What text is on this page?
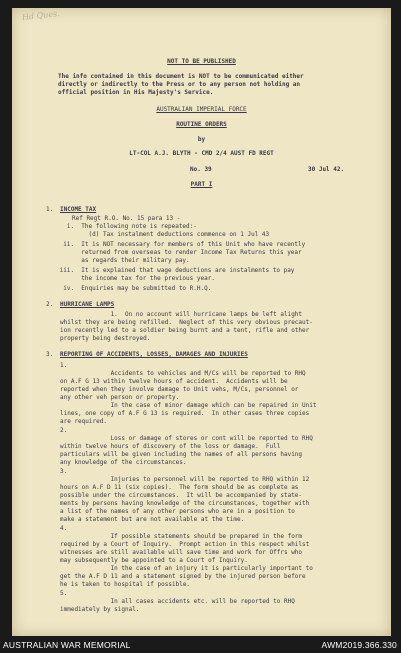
Hd Ques.
NOT TO BE PUBLISHED
The info contained in this document is NOT to be communicated either
directly or indirectly to the Press or to any person not holding an
official position in His Majesty's Service.
AUSTRALIAN IMPERIAL FORCE
ROUTINE ORDERS
by
LT-COL A.J. BLYTH - CMD 2/4 AUST FD REGT
No. 39	30 Jul 42.
PART I
1. INCOME TAX
Ref Regt R.O. No. 15 para 13 -
i.  The following note is repeated:-
(d) Tax instalment deductions commence on 1 Jul 43
ii.  It is NOT necessary for members of this Unit who have recently
returned from overseas to render Income Tax Returns this year
as regards their military pay.
iii.  It is explained that wage deductions are instalments to pay
the income tax for the previous year.
iv.  Enquiries may be submitted to R.H.Q.
2. HURRICANE LAMPS
1.  On no account will hurricane lamps be left alight
whilst they are being refilled.  Neglect of this very obvious precaut-
ion recently led to a soldier being burnt and a tent, rifle and other
property being destroyed.
3. REPORTING OF ACCIDENTS, LOSSES, DAMAGES AND INJURIES
1.
Accidents to vehicles and M/Cs will be reported to RHQ
on A.F G 13 within twelve hours of accident.  Accidents will be
reported when they involve damage to Unit vehs, M/Cs, personnel or
any other veh person or property.
In the case of minor damage which can be repaired in Unit
lines, one copy of A.F G 13 is required.  In other cases three copies
are required.
2.
Loss or damage of stores or cont will be reported to RHQ
within twelve hours of discovery of the loss or damage.  Full
particulars will be given including the names of all persons having
any knowledge of the circumstances.
3.
Injuries to personnel will be reported to RHQ within 12
hours on A.F D 11 (six copies).  The form should be as complete as
possible under the circumstances.  It will be accompanied by state-
ments by persons having knowledge of the circumstances, together with
a list of the names of any other persons who are in a position to
make a statement but are not available at the time.
4.
If possible statements should be prepared in the form
required by a Court of Inquiry.  Prompt action in this respect whilst
witnesses are still available will save time and work for Offrs who
may subsequently be appointed to a Court of Inquiry.
In the case of an injury it is particularly important to
get the A.F D 11 and a statement signed by the injured person before
he is taken to hospital if possible.
5.
In all cases accidents etc. will be reported to RHQ
immediately by signal.
AUSTRALIAN WAR MEMORIAL	AWM2019.366.330
